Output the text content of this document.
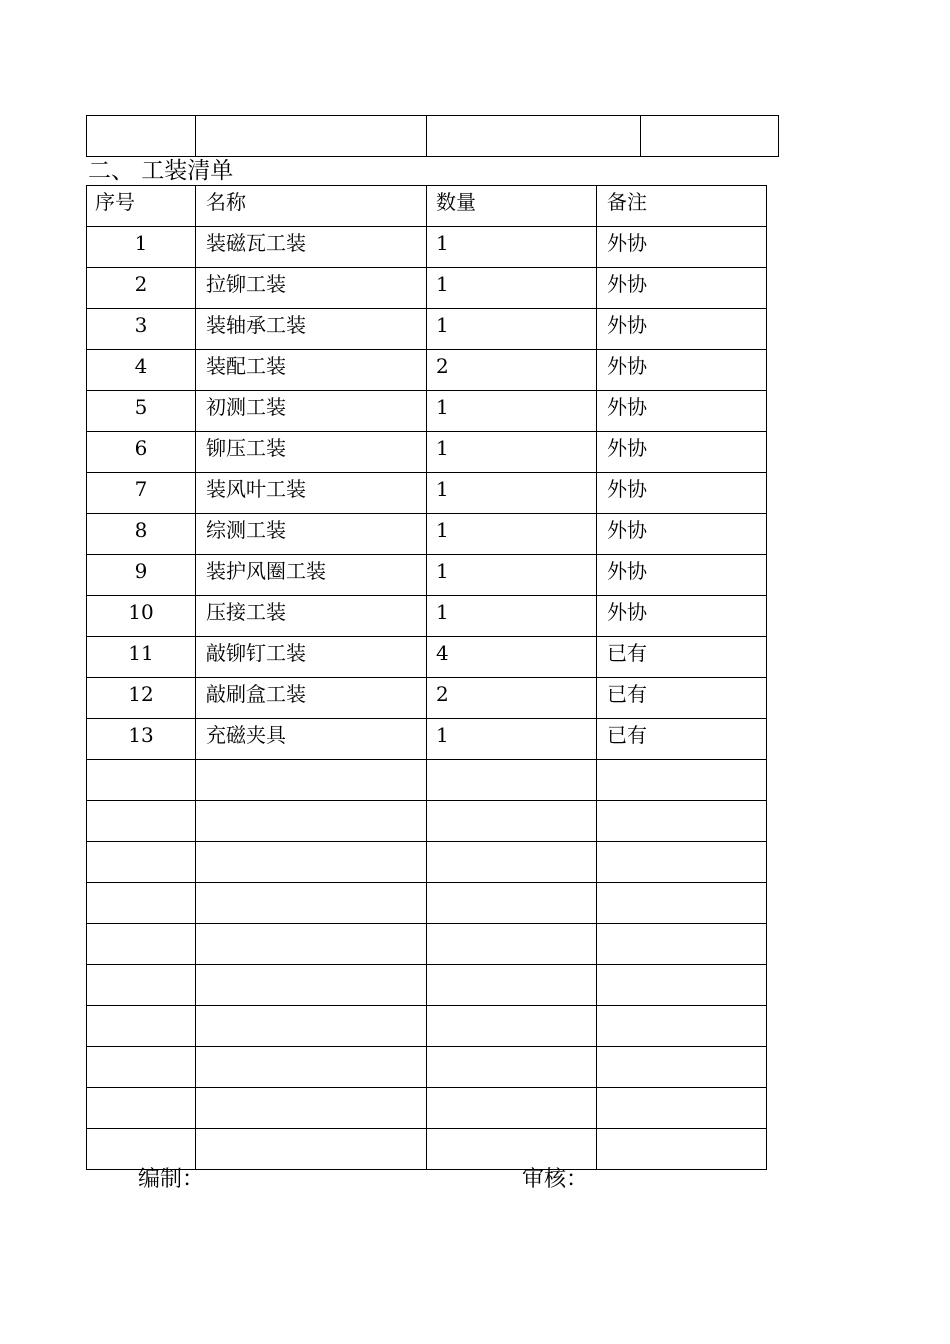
二、 工装清单
序号	名称	数量	备注

1	装磁瓦工装	1	外协

2	拉铆工装	1	外协

3	装轴承工装	1	外协

4	装配工装	2	外协

5	初测工装	1	外协

6	铆压工装	1	外协

7	装风叶工装	1	外协

8	综测工装	1	外协

9	装护风圈工装	1	外协

10	压接工装	1	外协

11	敲铆钉工装	4	已有

12	敲刷盒工装	2	已有

13	充磁夹具	1	已有

编制：	审核：
